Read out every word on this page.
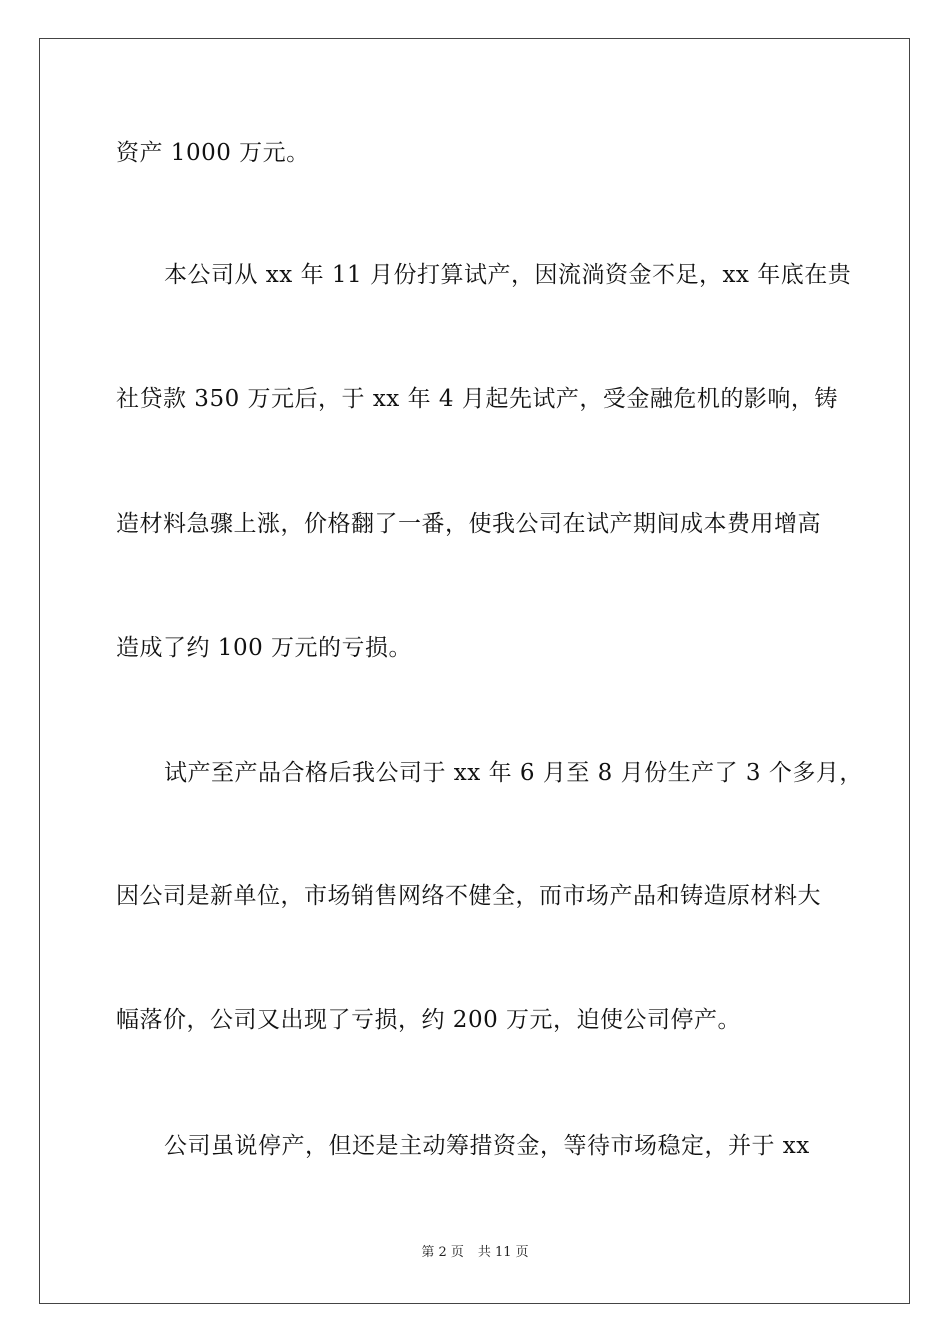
资产 1000 万元。
本公司从 xx 年 11 月份打算试产，因流淌资金不足，xx 年底在贵
社贷款 350 万元后，于 xx 年 4 月起先试产，受金融危机的影响，铸
造材料急骤上涨，价格翻了一番，使我公司在试产期间成本费用增高
造成了约 100 万元的亏损。
试产至产品合格后我公司于 xx 年 6 月至 8 月份生产了 3 个多月，
因公司是新单位，市场销售网络不健全，而市场产品和铸造原材料大
幅落价，公司又出现了亏损，约 200 万元，迫使公司停产。
公司虽说停产，但还是主动筹措资金，等待市场稳定，并于 xx
第 2 页 共 11 页
